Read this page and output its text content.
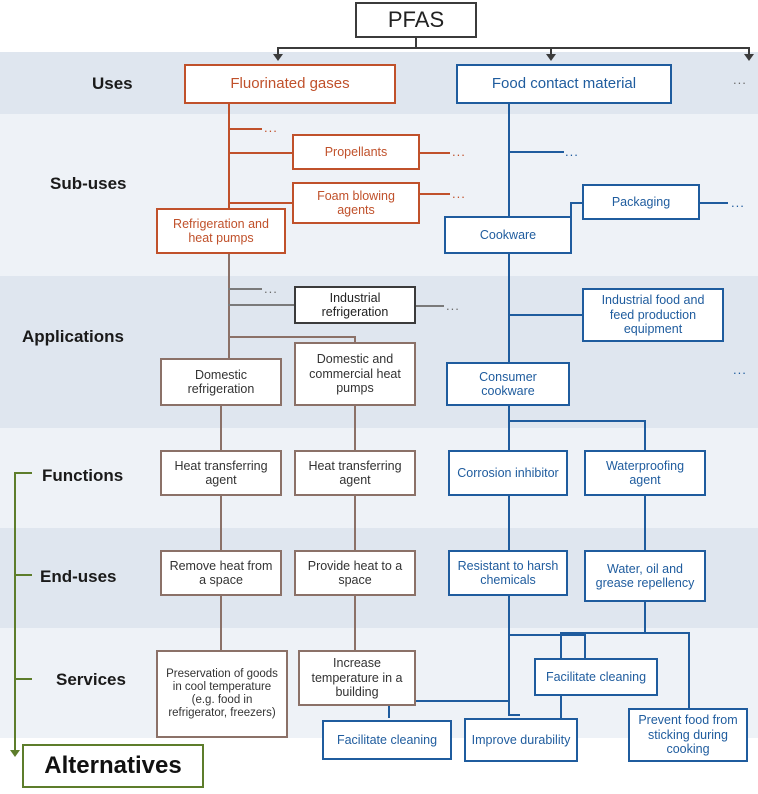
PFAS
Uses
Sub-uses
Applications
Functions
End-uses
Services
Alternatives
Fluorinated gases	Food contact material	...
...
Propellants	...	...
Foam blowing agents
...
Refrigeration and heat pumps	Cookware
Packaging	...
...
Industrial refrigeration	...
Domestic refrigeration
Domestic and commercial heat pumps
Industrial food and feed production equipment
...
Consumer cookware
Heat transferring agent
Heat transferring agent
Corrosion inhibitor
Waterproofing agent
Remove heat from a space
Provide heat to a space
Resistant to harsh chemicals
Water, oil and grease repellency
Preservation of goods in cool temperature (e.g. food in refrigerator, freezers)
Increase temperature in a building
Facilitate cleaning
Facilitate cleaning	Improve durability
Prevent food from sticking during cooking
